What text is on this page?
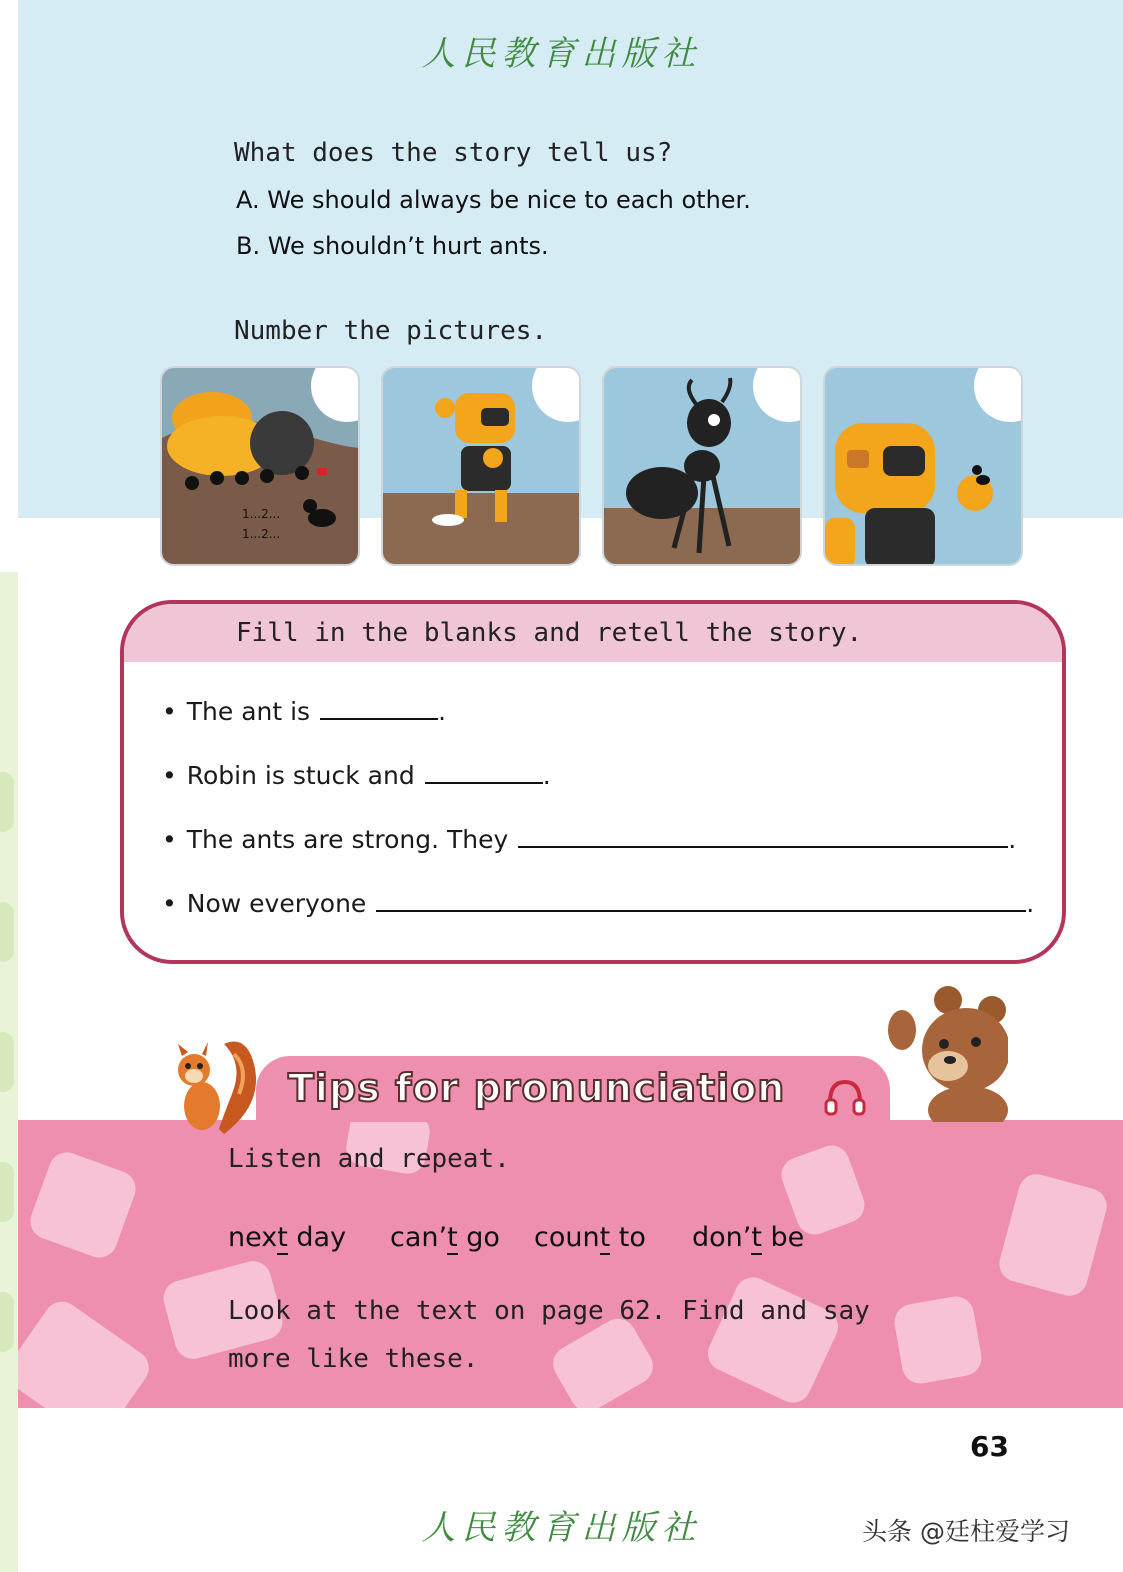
人民教育出版社
What does the story tell us?
A. We should always be nice to each other.
B. We shouldn’t hurt ants.
Number the pictures.
1...2...
1...2...
Fill in the blanks and retell the story.
• The ant is	.
• Robin is stuck and	.
• The ants are strong. They	.
• Now everyone	.
Tips for pronunciation
Listen and repeat.
next day can’t go count to don’t be
Look at the text on page 62. Find and say
more like these.
63
人民教育出版社	头条 @廷柱爱学习
